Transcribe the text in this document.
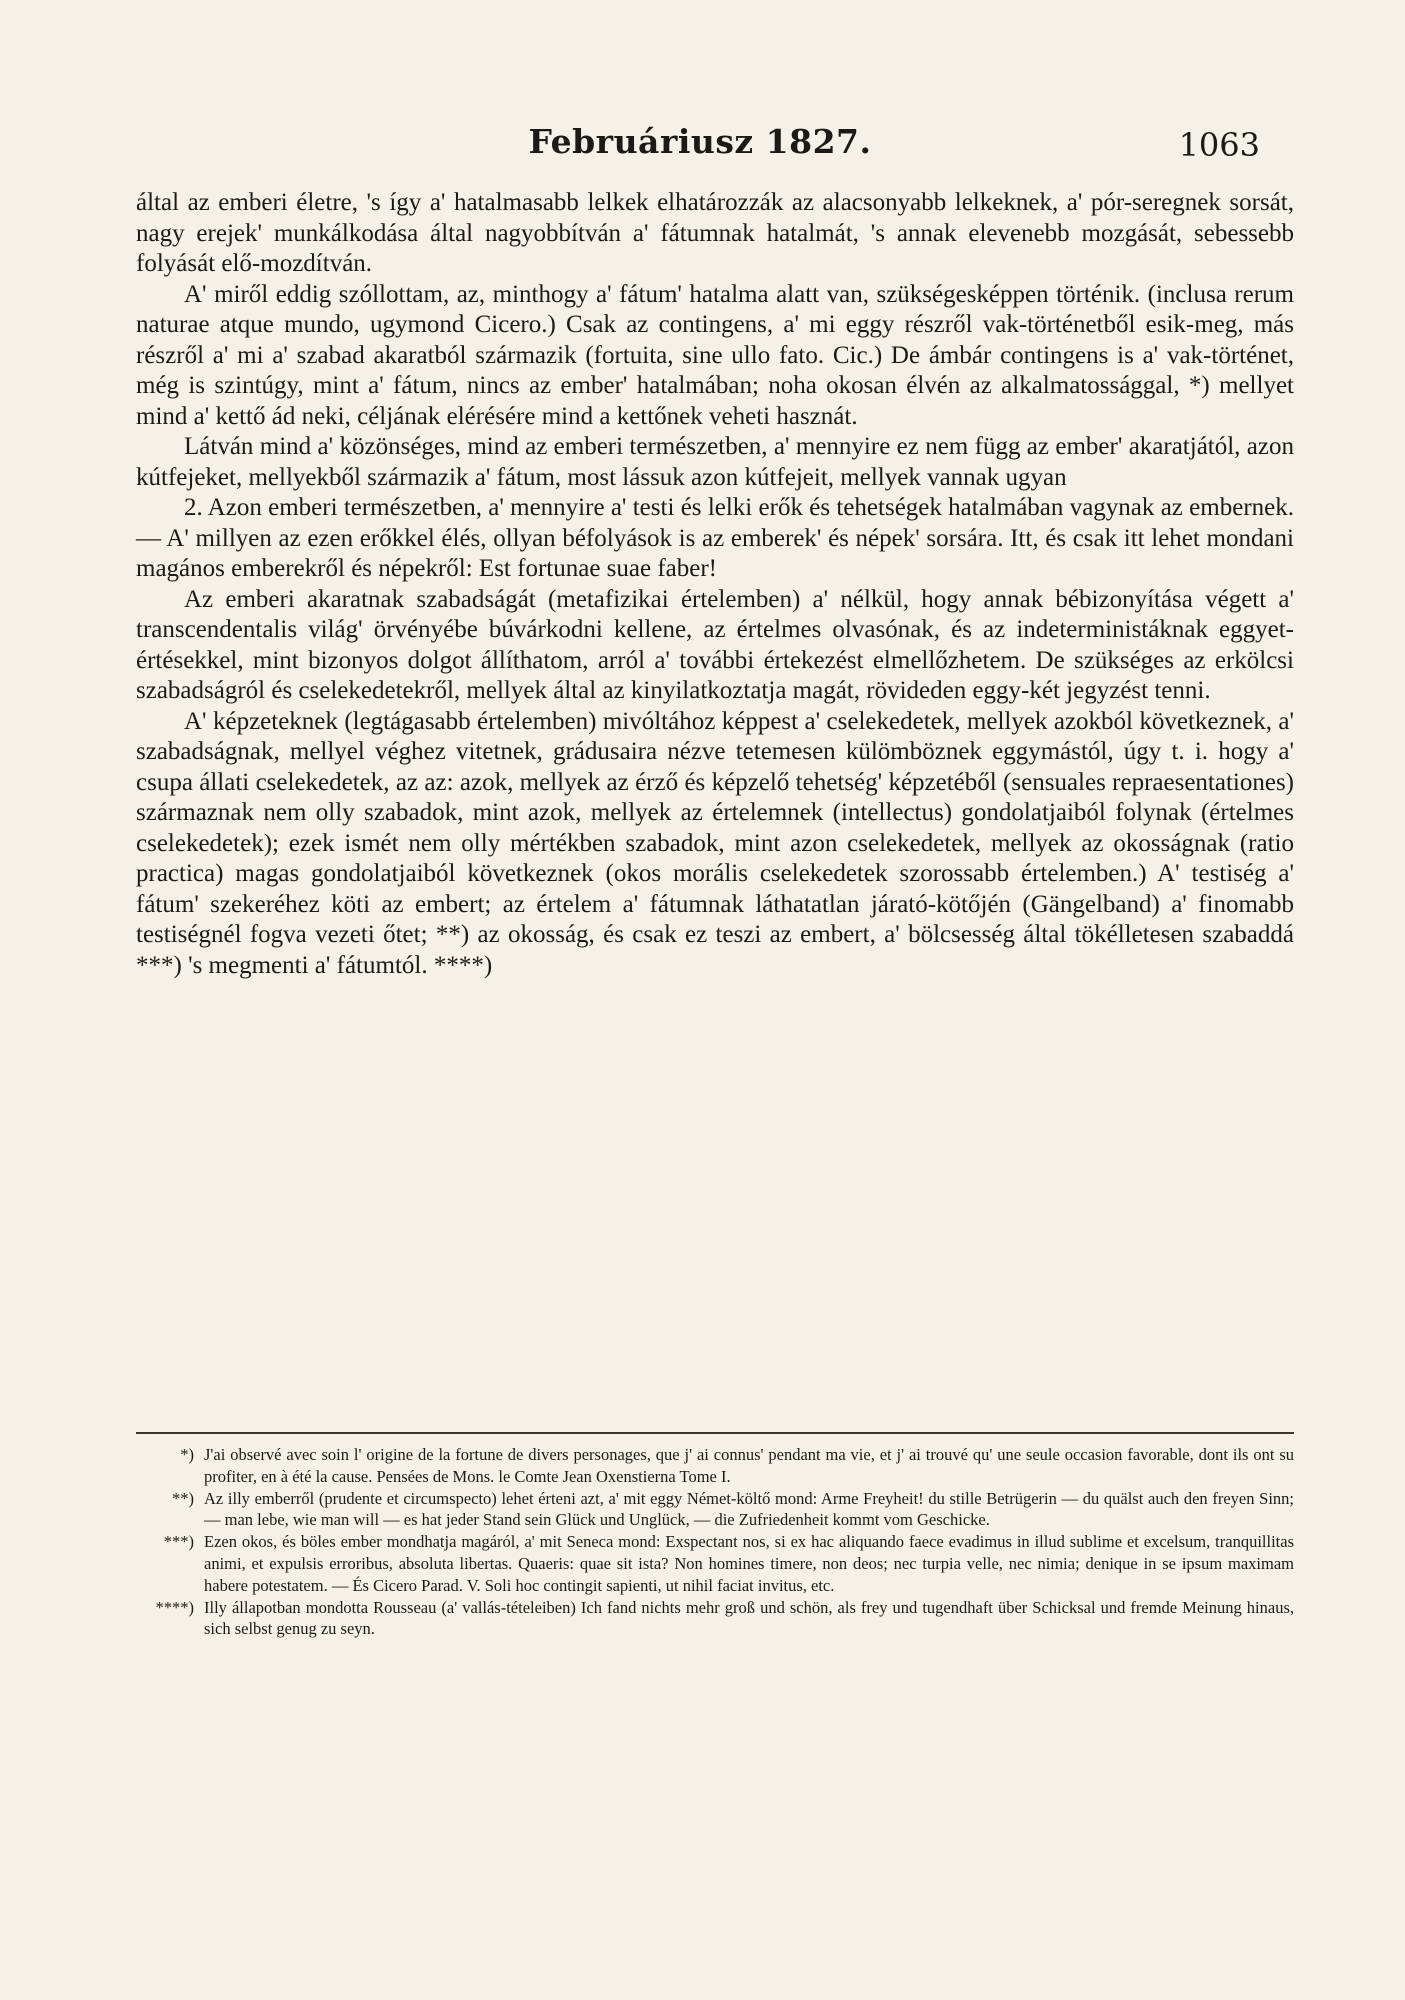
Februáriusz 1827.	1063

által az emberi életre, 's így a' hatalmasabb lelkek elhatározzák az alacsonyabb lelkeknek, a' pór-seregnek sorsát, nagy erejek' munkálkodása által nagyobbítván a' fátumnak hatalmát, 's annak elevenebb mozgását, sebessebb folyását elő-mozdítván.

A' miről eddig szóllottam, az, minthogy a' fátum' hatalma alatt van, szükségesképpen történik. (inclusa rerum naturae atque mundo, ugymond Cicero.) Csak az contingens, a' mi eggy részről vak-történetből esik-meg, más részről a' mi a' szabad akaratból származik (fortuita, sine ullo fato. Cic.) De ámbár contingens is a' vak-történet, még is szintúgy, mint a' fátum, nincs az ember' hatalmában; noha okosan élvén az alkalmatossággal, *) mellyet mind a' kettő ád neki, céljának elérésére mind a kettőnek veheti hasznát.

Látván mind a' közönséges, mind az emberi természetben, a' mennyire ez nem függ az ember' akaratjától, azon kútfejeket, mellyekből származik a' fátum, most lássuk azon kútfejeit, mellyek vannak ugyan

2. Azon emberi természetben, a' mennyire a' testi és lelki erők és tehetségek hatalmában vagynak az embernek. — A' millyen az ezen erőkkel élés, ollyan béfolyások is az emberek' és népek' sorsára. Itt, és csak itt lehet mondani magános emberekről és népekről: Est fortunae suae faber!

Az emberi akaratnak szabadságát (metafizikai értelemben) a' nélkül, hogy annak bébizonyítása végett a' transcendentalis világ' örvényébe búvárkodni kellene, az értelmes olvasónak, és az indeterministáknak eggyet-értésekkel, mint bizonyos dolgot állíthatom, arról a' további értekezést elmellőzhetem. De szükséges az erkölcsi szabadságról és cselekedetekről, mellyek által az kinyilatkoztatja magát, rövideden eggy-két jegyzést tenni.

A' képzeteknek (legtágasabb értelemben) mivóltához képpest a' cselekedetek, mellyek azokból következnek, a' szabadságnak, mellyel véghez vitetnek, grádusaira nézve tetemesen külömböznek eggymástól, úgy t. i. hogy a' csupa állati cselekedetek, az az: azok, mellyek az érző és képzelő tehetség' képzetéből (sensuales repraesentationes) származnak nem olly szabadok, mint azok, mellyek az értelemnek (intellectus) gondolatjaiból folynak (értelmes cselekedetek); ezek ismét nem olly mértékben szabadok, mint azon cselekedetek, mellyek az okosságnak (ratio practica) magas gondolatjaiból következnek (okos morális cselekedetek szorossabb értelemben.) A' testiség a' fátum' szekeréhez köti az embert; az értelem a' fátumnak láthatatlan járató-kötőjén (Gängelband) a' finomabb testiségnél fogva vezeti őtet; **) az okosság, és csak ez teszi az embert, a' bölcsesség által tökélletesen szabaddá ***) 's megmenti a' fátumtól. ****)

*) J'ai observé avec soin l' origine de la fortune de divers personages, que j' ai connus' pendant ma vie, et j' ai trouvé qu' une seule occasion favorable, dont ils ont su profiter, en à été la cause. Pensées de Mons. le Comte Jean Oxenstierna Tome I.
**) Az illy emberről (prudente et circumspecto) lehet érteni azt, a' mit eggy Német-költő mond: Arme Freyheit! du stille Betrügerin — du quälst auch den freyen Sinn; — man lebe, wie man will — es hat jeder Stand sein Glück und Unglück, — die Zufriedenheit kommt vom Geschicke.
***) Ezen okos, és böles ember mondhatja magáról, a' mit Seneca mond: Exspectant nos, si ex hac aliquando faece evadimus in illud sublime et excelsum, tranquillitas animi, et expulsis erroribus, absoluta libertas. Quaeris: quae sit ista? Non homines timere, non deos; nec turpia velle, nec nimia; denique in se ipsum maximam habere potestatem. — És Cicero Parad. V. Soli hoc contingit sapienti, ut nihil faciat invitus, etc.
****) Illy állapotban mondotta Rousseau (a' vallás-tételeiben) Ich fand nichts mehr groß und schön, als frey und tugendhaft über Schicksal und fremde Meinung hinaus, sich selbst genug zu seyn.
